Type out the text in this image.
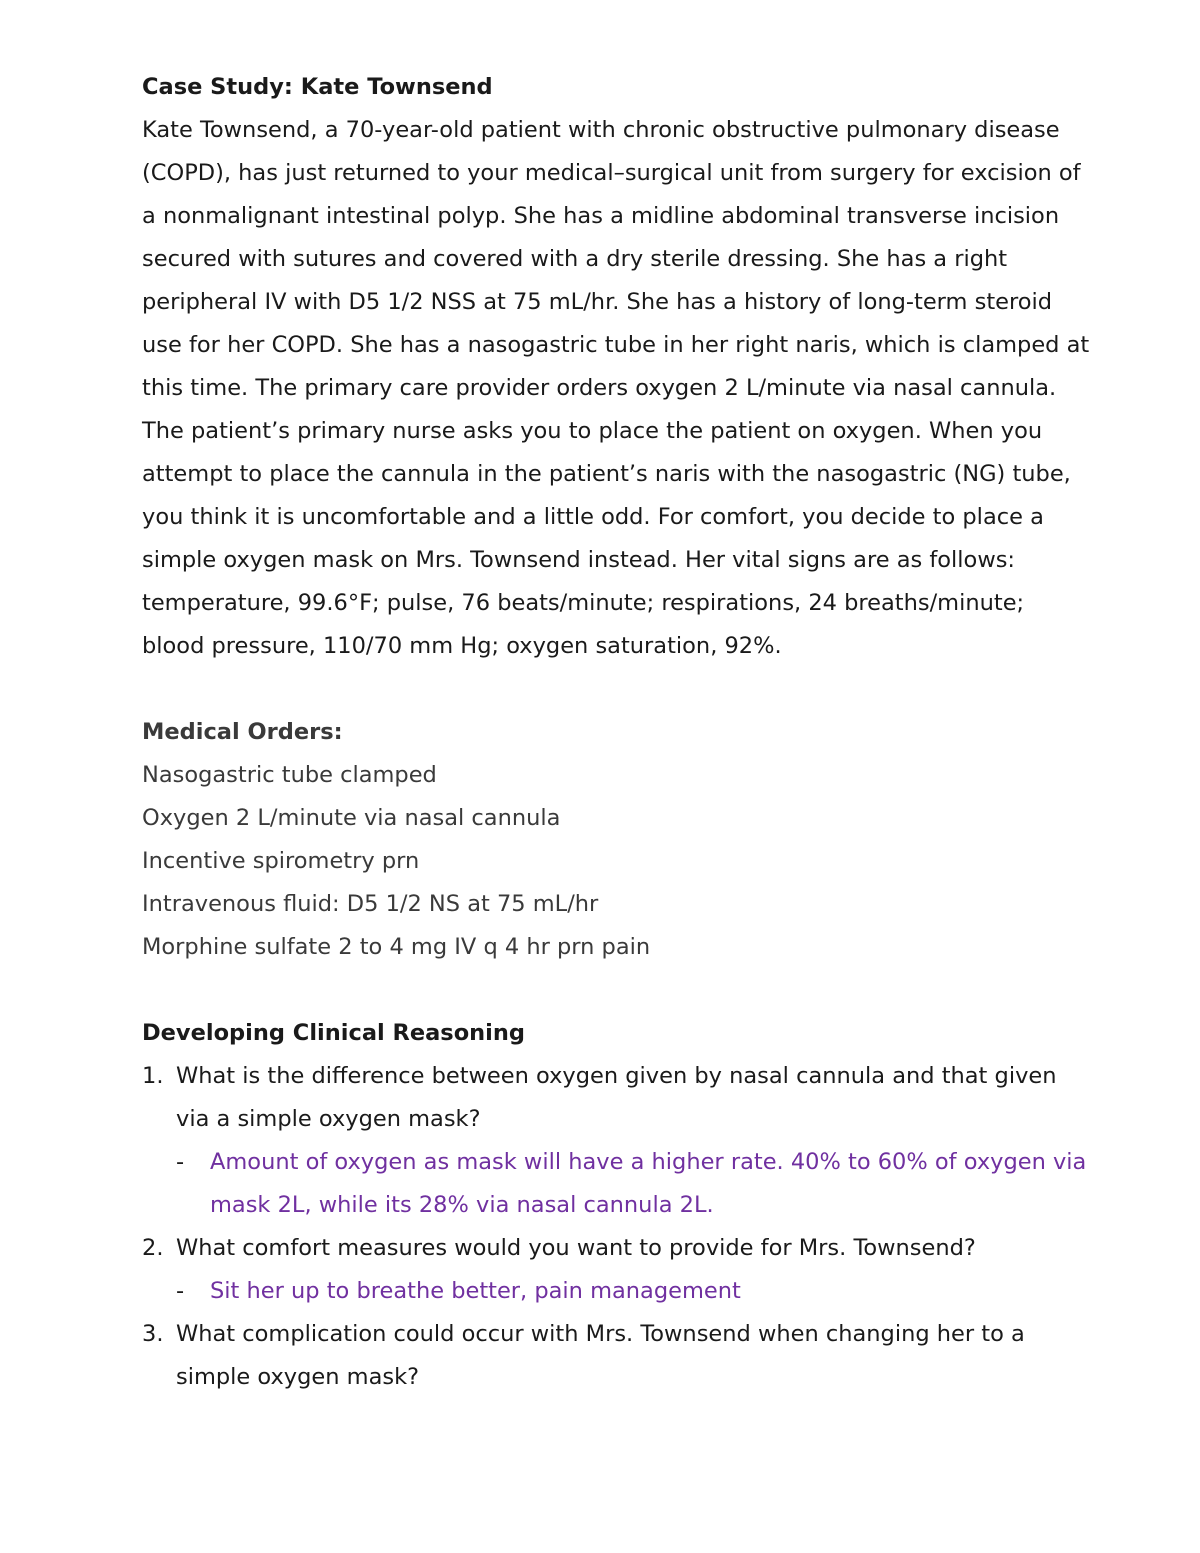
Case Study: Kate Townsend

Kate Townsend, a 70-year-old patient with chronic obstructive pulmonary disease (COPD), has just returned to your medical–surgical unit from surgery for excision of a nonmalignant intestinal polyp. She has a midline abdominal transverse incision secured with sutures and covered with a dry sterile dressing. She has a right peripheral IV with D5 1/2 NSS at 75 mL/hr. She has a history of long-term steroid use for her COPD. She has a nasogastric tube in her right naris, which is clamped at this time. The primary care provider orders oxygen 2 L/minute via nasal cannula. The patient’s primary nurse asks you to place the patient on oxygen. When you attempt to place the cannula in the patient’s naris with the nasogastric (NG) tube, you think it is uncomfortable and a little odd. For comfort, you decide to place a simple oxygen mask on Mrs. Townsend instead. Her vital signs are as follows: temperature, 99.6°F; pulse, 76 beats/minute; respirations, 24 breaths/minute; blood pressure, 110/70 mm Hg; oxygen saturation, 92%.

Medical Orders:
Nasogastric tube clamped
Oxygen 2 L/minute via nasal cannula
Incentive spirometry prn
Intravenous fluid: D5 1/2 NS at 75 mL/hr
Morphine sulfate 2 to 4 mg IV q 4 hr prn pain
Developing Clinical Reasoning
1. What is the difference between oxygen given by nasal cannula and that given via a simple oxygen mask?
- Amount of oxygen as mask will have a higher rate. 40% to 60% of oxygen via mask 2L, while its 28% via nasal cannula 2L.
2. What comfort measures would you want to provide for Mrs. Townsend?
- Sit her up to breathe better, pain management
3. What complication could occur with Mrs. Townsend when changing her to a simple oxygen mask?
